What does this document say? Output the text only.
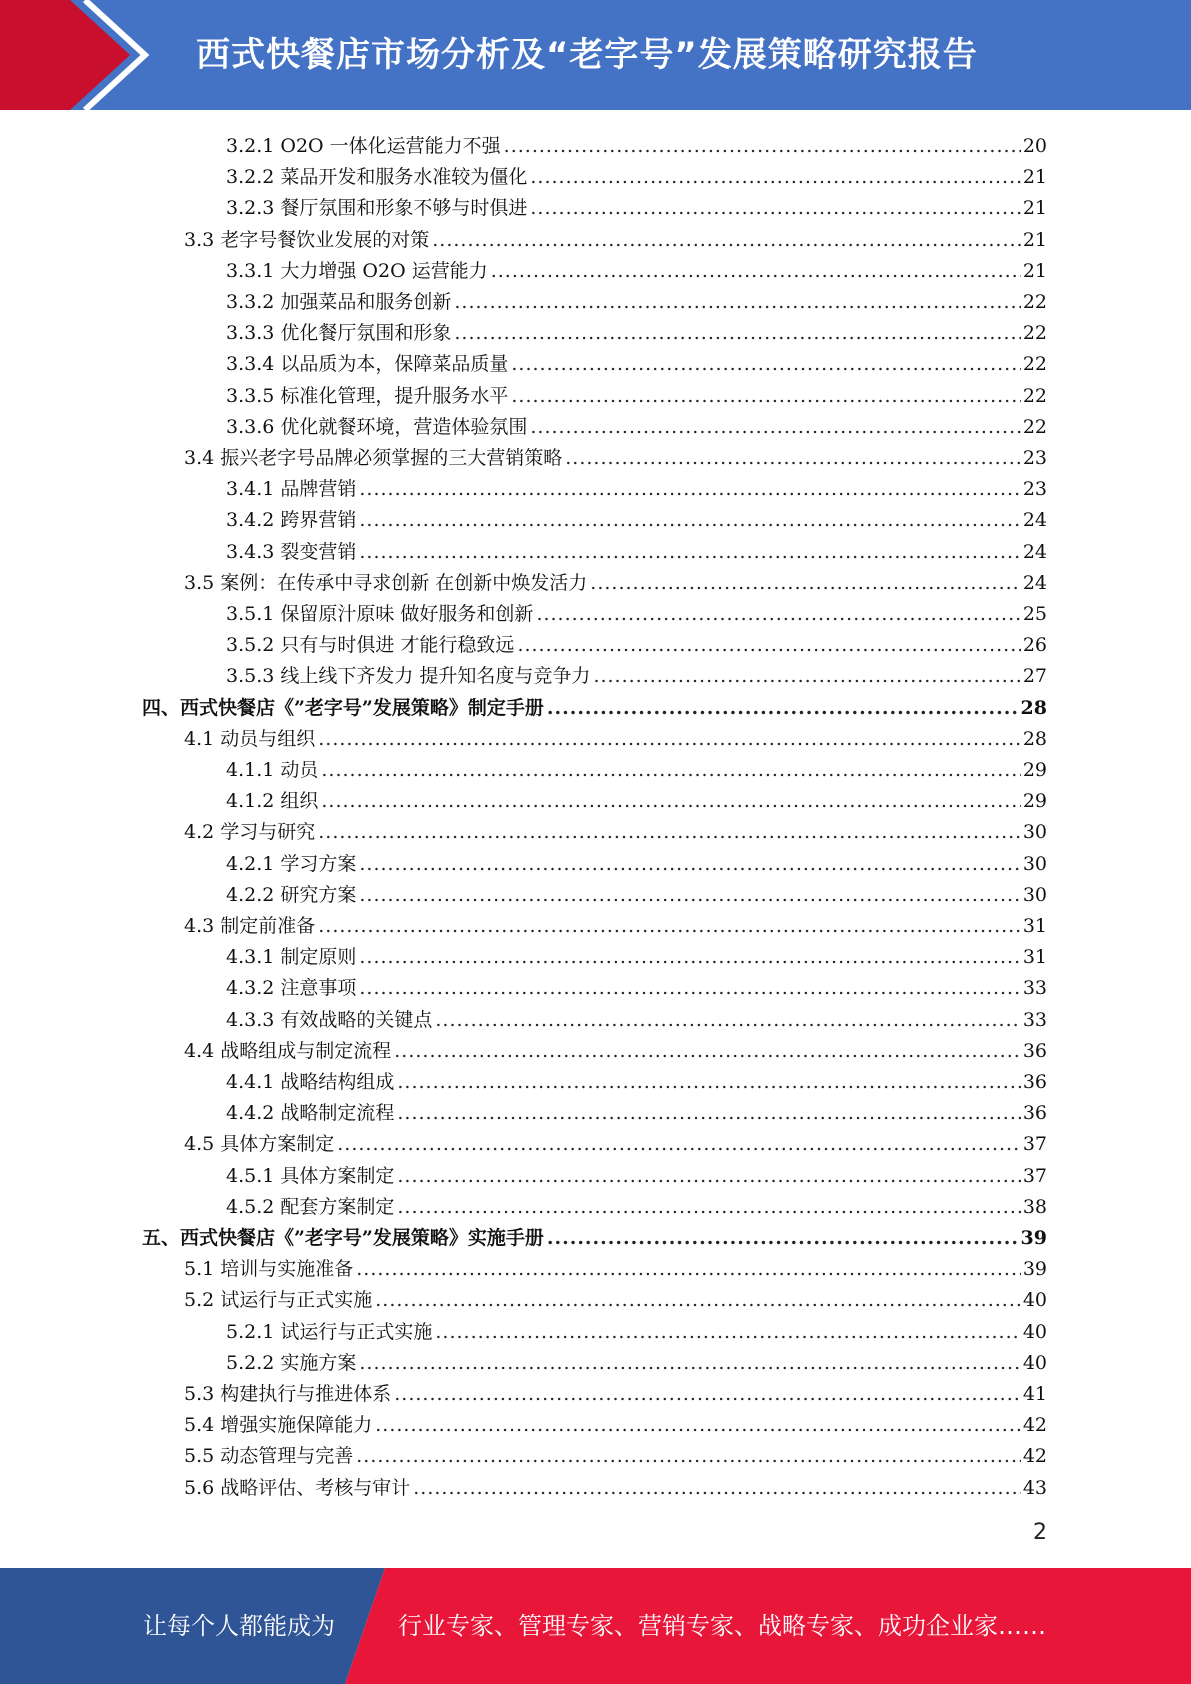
西式快餐店市场分析及“老字号”发展策略研究报告
3.2.1 O2O 一体化运营能力不强 .....	20
3.2.2 菜品开发和服务水准较为僵化 .....	21
3.2.3 餐厅氛围和形象不够与时俱进 .....	21
3.3 老字号餐饮业发展的对策 .....	21
3.3.1 大力增强 O2O 运营能力 .....	21
3.3.2 加强菜品和服务创新 .....	22
3.3.3 优化餐厅氛围和形象 .....	22
3.3.4 以品质为本，保障菜品质量 .....	22
3.3.5 标准化管理，提升服务水平 .....	22
3.3.6 优化就餐环境，营造体验氛围 .....	22
3.4 振兴老字号品牌必须掌握的三大营销策略 .....	23
3.4.1 品牌营销 .....	23
3.4.2 跨界营销 .....	24
3.4.3 裂变营销 .....	24
3.5 案例：在传承中寻求创新 在创新中焕发活力 .....	24
3.5.1 保留原汁原味 做好服务和创新 .....	25
3.5.2 只有与时俱进 才能行稳致远 .....	26
3.5.3 线上线下齐发力 提升知名度与竞争力 .....	27
四、西式快餐店《”老字号”发展策略》制定手册 .....	28
4.1 动员与组织 .....	28
4.1.1 动员 .....	29
4.1.2 组织 .....	29
4.2 学习与研究 .....	30
4.2.1 学习方案 .....	30
4.2.2 研究方案 .....	30
4.3 制定前准备 .....	31
4.3.1 制定原则 .....	31
4.3.2 注意事项 .....	33
4.3.3 有效战略的关键点 .....	33
4.4 战略组成与制定流程 .....	36
4.4.1 战略结构组成 .....	36
4.4.2 战略制定流程 .....	36
4.5 具体方案制定 .....	37
4.5.1 具体方案制定 .....	37
4.5.2 配套方案制定 .....	38
五、西式快餐店《”老字号”发展策略》实施手册 .....	39
5.1 培训与实施准备 .....	39
5.2 试运行与正式实施 .....	40
5.2.1 试运行与正式实施 .....	40
5.2.2 实施方案 .....	40
5.3 构建执行与推进体系 .....	41
5.4 增强实施保障能力 .....	42
5.5 动态管理与完善 .....	42
5.6 战略评估、考核与审计 .....	43
2
让每个人都能成为	行业专家、管理专家、营销专家、战略专家、成功企业家……
